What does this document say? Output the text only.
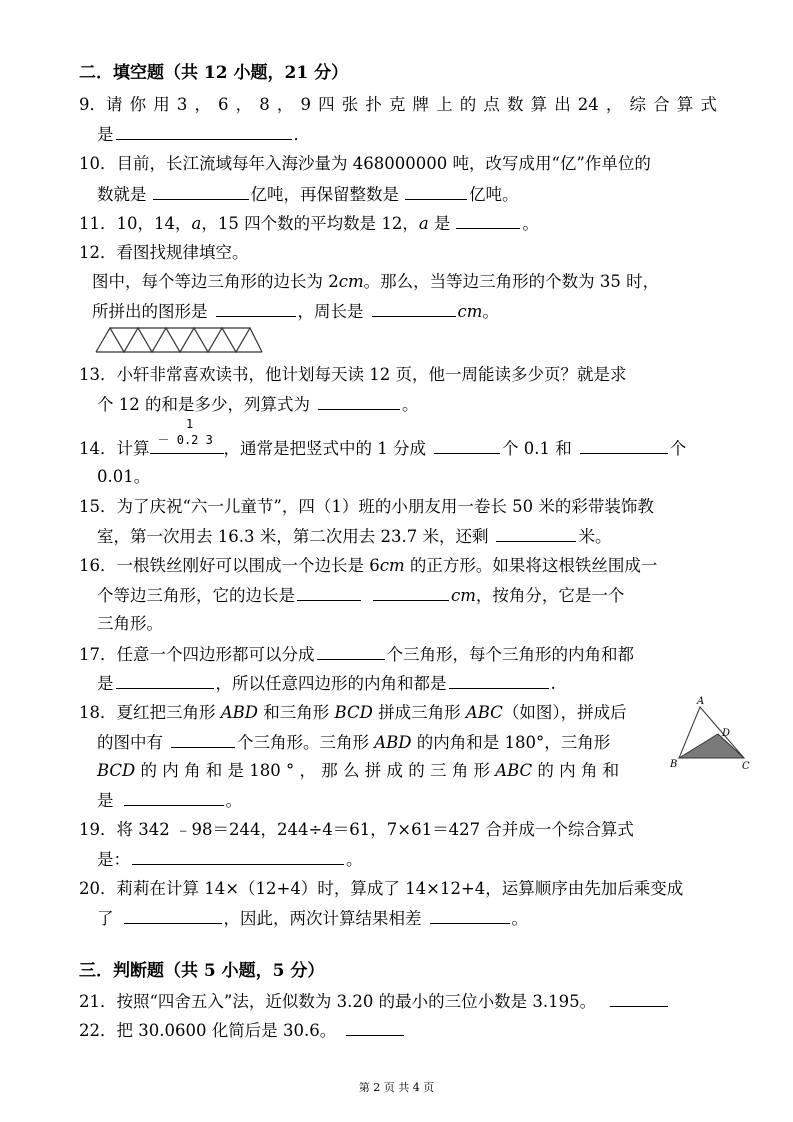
二．填空题（共 12 小题，21 分）
9．请 你 用 3 ， 6 ， 8 ， 9 四 张 扑 克 牌 上 的 点 数 算 出 24 ， 综 合 算 式
是	．
10．目前，长江流域每年入海沙量为 468000000 吨，改写成用“亿”作单位的
数就是	亿吨，再保留整数是	亿吨。
11．10，14，a，15 四个数的平均数是 12，a 是	。
12．看图找规律填空。
图中，每个等边三角形的边长为 2cm。那么，当等边三角形的个数为 35 时，
所拼出的图形是	，周长是	cm。
13．小轩非常喜欢读书，他计划每天读 12 页，他一周能读多少页？就是求
个 12 的和是多少，列算式为	。
1
14．计算 － 0.2 3 ，通常是把竖式中的 1 分成	个 0.1 和	个
0.01。
15．为了庆祝“六一儿童节”，四（1）班的小朋友用一卷长 50 米的彩带装饰教
室，第一次用去 16.3 米，第二次用去 23.7 米，还剩	米。
16．一根铁丝刚好可以围成一个边长是 6cm 的正方形。如果将这根铁丝围成一
个等边三角形，它的边长是	cm，按角分，它是一个
三角形。
17．任意一个四边形都可以分成	个三角形，每个三角形的内角和都
是	，所以任意四边形的内角和都是	.
18．夏红把三角形 ABD 和三角形 BCD 拼成三角形 ABC（如图），拼成后
的图中有	个三角形。三角形 ABD 的内角和是 180°，三角形
BCD 的 内 角 和 是 180 ° ， 那 么 拼 成 的 三 角 形 ABC 的 内 角 和
是	。
A
D
B	C
19．将 342 ﹣98＝244，244÷4＝61，7×61＝427 合并成一个综合算式
是：	。
20．莉莉在计算 14×（12+4）时，算成了 14×12+4，运算顺序由先加后乘变成
了	，因此，两次计算结果相差	。
三．判断题（共 5 小题，5 分）
21．按照“四舍五入”法，近似数为 3.20 的最小的三位小数是 3.195。
22．把 30.0600 化简后是 30.6。
第 2 页 共 4 页
